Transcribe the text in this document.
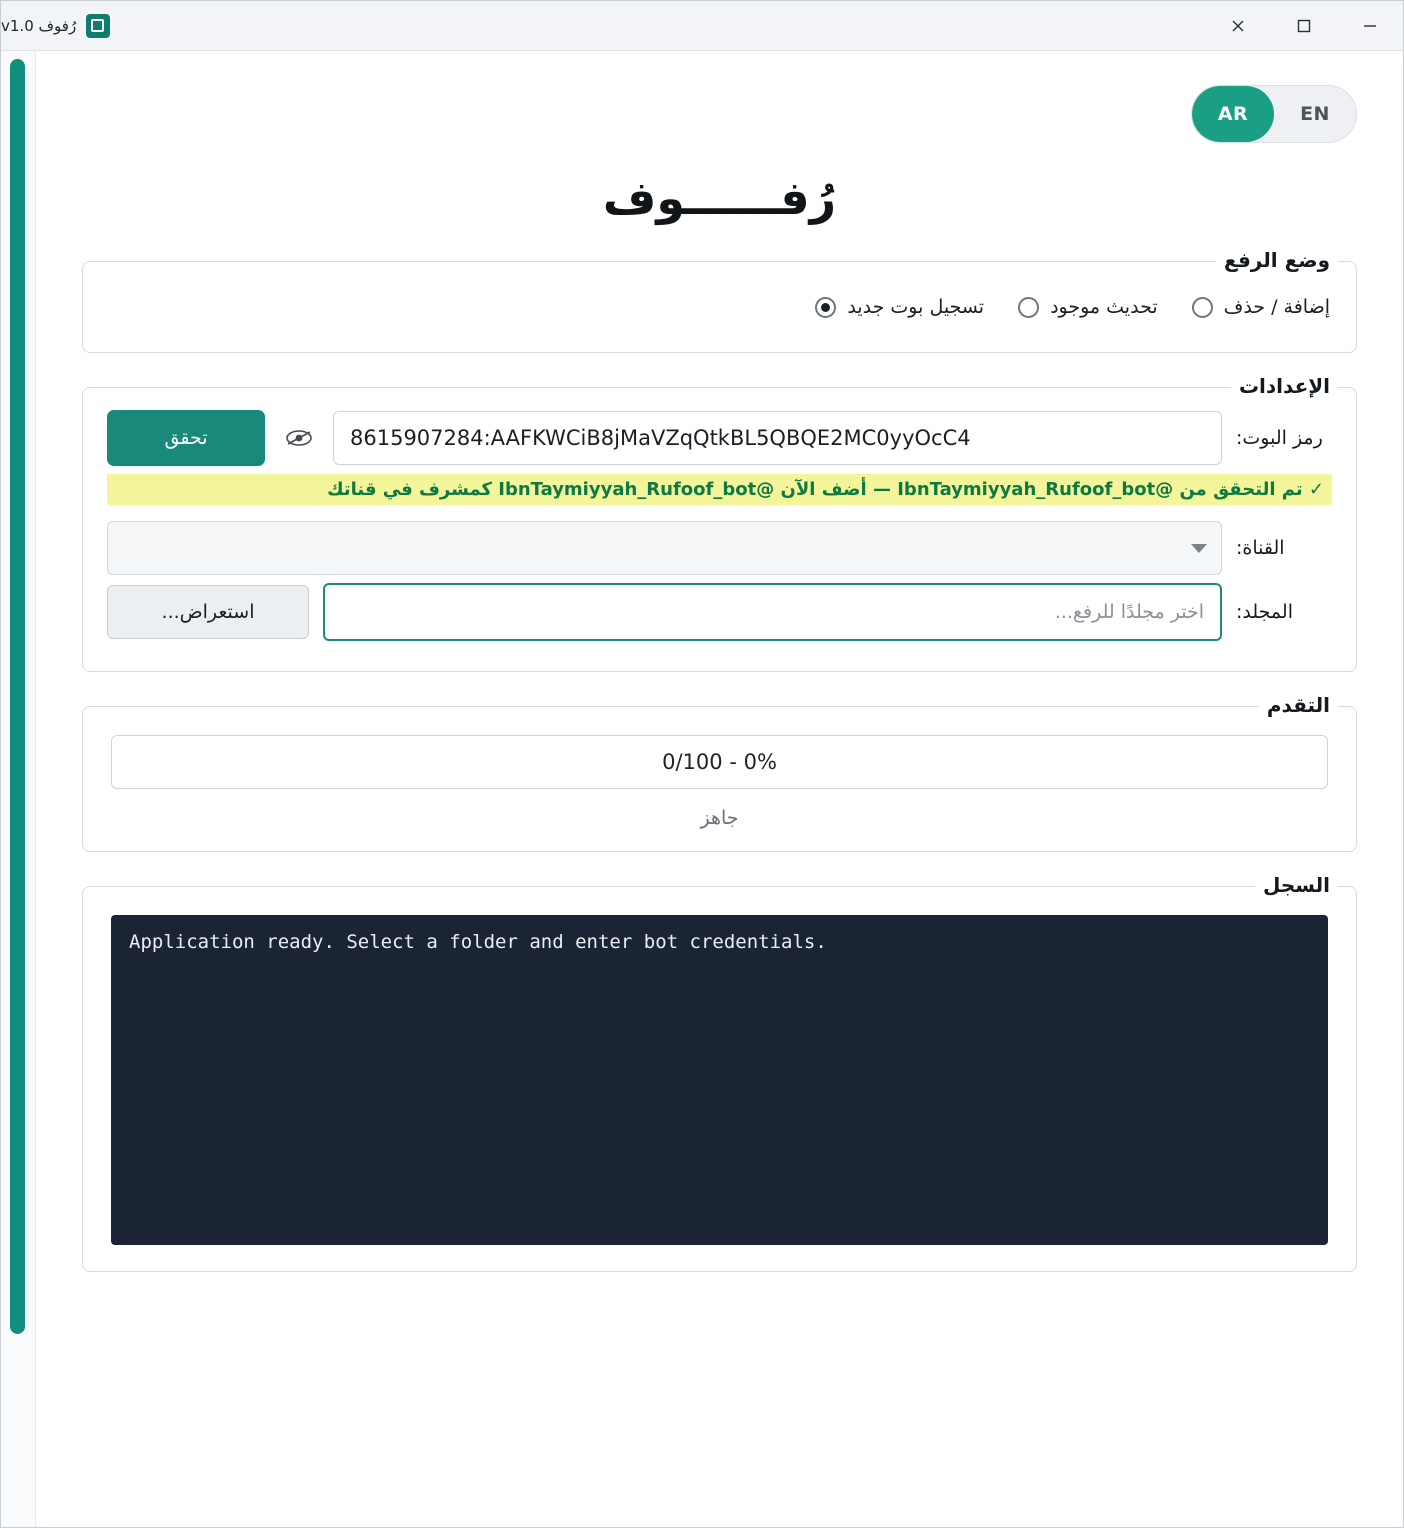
رُفوف v1.0
EN
AR
رُفــــــوف
وضع الرفع
إضافة / حذف
تحديث موجود
تسجيل بوت جديد
الإعدادات
رمز البوت:
8615907284:AAFKWCiB8jMaVZqQtkBL5QBQE2MC0yyOcC4
تحقق
✓ تم التحقق من @IbnTaymiyyah_Rufoof_bot — أضف الآن @IbnTaymiyyah_Rufoof_bot كمشرف في قناتك
القناة:
المجلد:
اختر مجلدًا للرفع...
استعراض...
التقدم
0% - 0/100
جاهز
السجل
Application ready. Select a folder and enter bot credentials.
